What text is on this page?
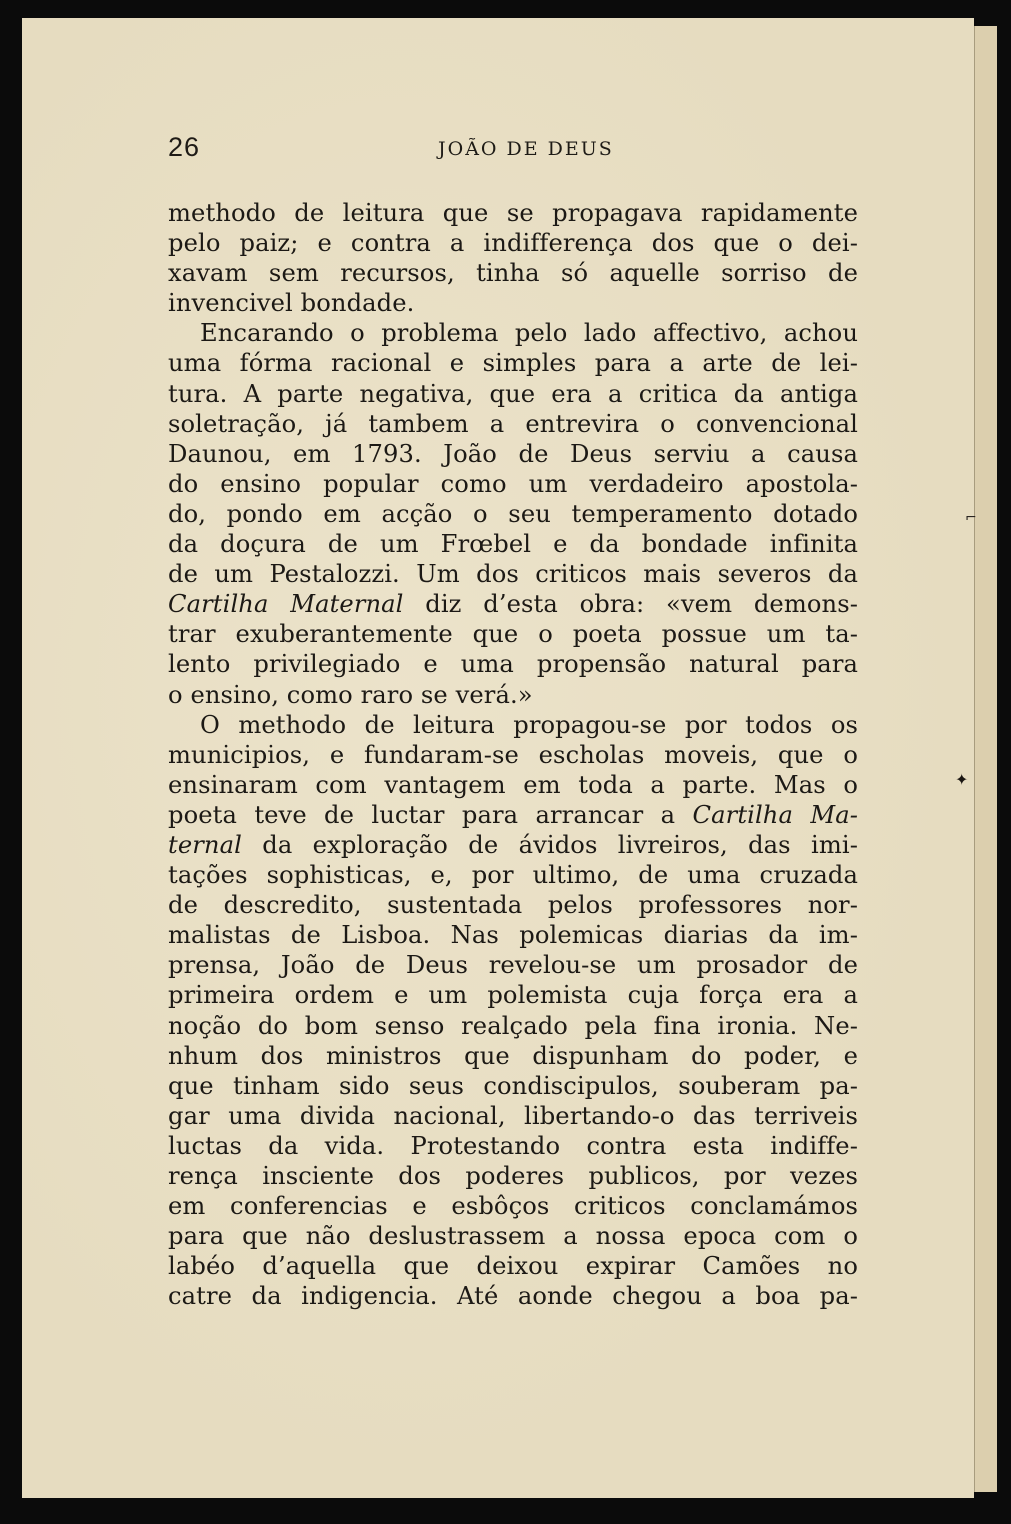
26	JOÃO DE DEUS
methodo de leitura que se propagava rapidamente
pelo paiz; e contra a indifferença dos que o dei-
xavam sem recursos, tinha só aquelle sorriso de
invencivel bondade.
Encarando o problema pelo lado affectivo, achou
uma fórma racional e simples para a arte de lei-
tura. A parte negativa, que era a critica da antiga
soletração, já tambem a entrevira o convencional
Daunou, em 1793. João de Deus serviu a causa
do ensino popular como um verdadeiro apostola-
do, pondo em acção o seu temperamento dotado
da doçura de um Frœbel e da bondade infinita
de um Pestalozzi. Um dos criticos mais severos da
Cartilha Maternal diz d’esta obra: «vem demons-
trar exuberantemente que o poeta possue um ta-
lento privilegiado e uma propensão natural para
o ensino, como raro se verá.»
O methodo de leitura propagou-se por todos os
municipios, e fundaram-se escholas moveis, que o
ensinaram com vantagem em toda a parte. Mas o
poeta teve de luctar para arrancar a Cartilha Ma-
ternal da exploração de ávidos livreiros, das imi-
tações sophisticas, e, por ultimo, de uma cruzada
de descredito, sustentada pelos professores nor-
malistas de Lisboa. Nas polemicas diarias da im-
prensa, João de Deus revelou-se um prosador de
primeira ordem e um polemista cuja força era a
noção do bom senso realçado pela fina ironia. Ne-
nhum dos ministros que dispunham do poder, e
que tinham sido seus condiscipulos, souberam pa-
gar uma divida nacional, libertando-o das terriveis
luctas da vida. Protestando contra esta indiffe-
rença insciente dos poderes publicos, por vezes
em conferencias e esbôços criticos conclamámos
para que não deslustrassem a nossa epoca com o
labéo d’aquella que deixou expirar Camões no
catre da indigencia. Até aonde chegou a boa pa-
⌐
✦
